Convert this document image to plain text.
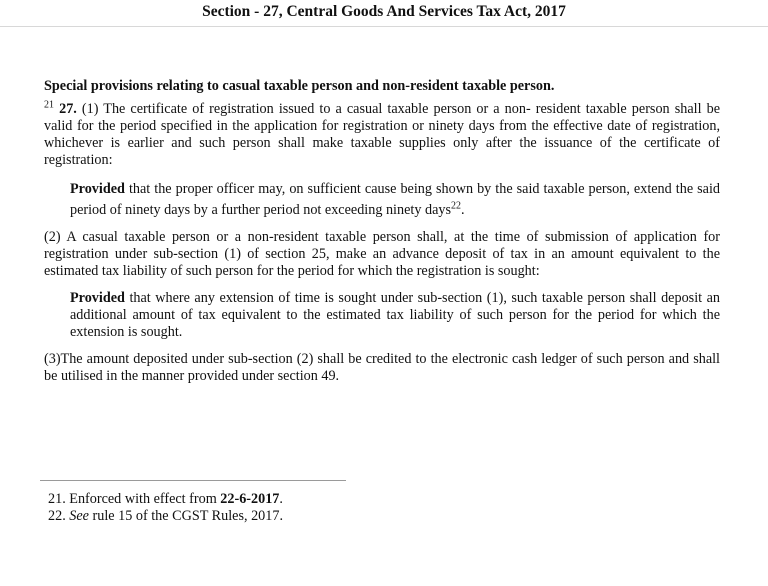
Section - 27, Central Goods And Services Tax Act, 2017

Special provisions relating to casual taxable person and non-resident taxable person.

$^{21}$ 27. (1) The certificate of registration issued to a casual taxable person or a non- resident taxable person shall be valid for the period specified in the application for registration or ninety days from the effective date of registration, whichever is earlier and such person shall make taxable supplies only after the issuance of the certificate of registration:

Provided that the proper officer may, on sufficient cause being shown by the said taxable person, extend the said period of ninety days by a further period not exceeding ninety days$^{22}$.

(2) A casual taxable person or a non-resident taxable person shall, at the time of submission of application for registration under sub-section (1) of section 25, make an advance deposit of tax in an amount equivalent to the estimated tax liability of such person for the period for which the registration is sought:

Provided that where any extension of time is sought under sub-section (1), such taxable person shall deposit an additional amount of tax equivalent to the estimated tax liability of such person for the period for which the extension is sought.

(3)The amount deposited under sub-section (2) shall be credited to the electronic cash ledger of such person and shall be utilised in the manner provided under section 49.

21. Enforced with effect from 22-6-2017.

22. See rule 15 of the CGST Rules, 2017.
